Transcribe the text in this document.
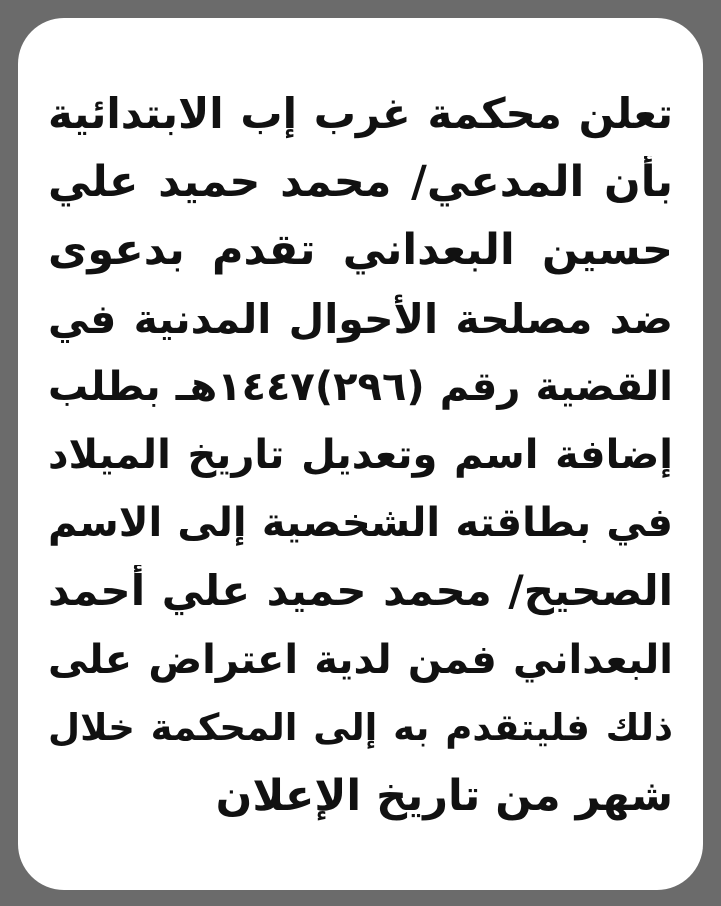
تعلن محكمة غرب إب الابتدائية
بأن المدعي/ محمد حميد علي
حسين البعداني تقدم بدعوى
ضد مصلحة الأحوال المدنية في
القضية رقم (٢٩٦)١٤٤٧هـ بطلب
إضافة اسم وتعديل تاريخ الميلاد
في بطاقته الشخصية إلى الاسم
الصحيح/ محمد حميد علي أحمد
البعداني فمن لدية اعتراض على
ذلك فليتقدم به إلى المحكمة خلال
شهر من تاريخ الإعلان
